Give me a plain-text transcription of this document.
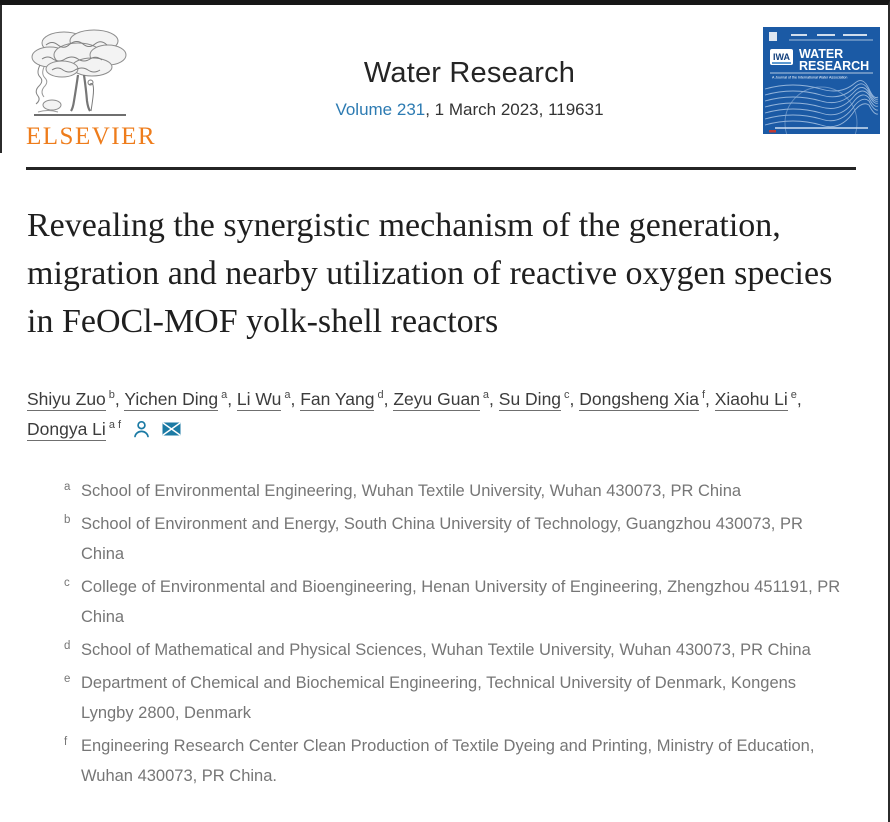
ELSEVIER
Water Research
Volume 231, 1 March 2023, 119631
IWA WATER
RESEARCH
A Journal of the International Water Association
Revealing the synergistic mechanism of the generation, migration and nearby utilization of reactive oxygen species in FeOCl-MOF yolk-shell reactors

Shiyu Zuo $^b$, Yichen Ding $^a$, Li Wu $^a$, Fan Yang $^d$, Zeyu Guan $^a$, Su Ding $^c$, Dongsheng Xia $^f$, Xiaohu Li $^e$, Dongya Li $^{a f}$

a School of Environmental Engineering, Wuhan Textile University, Wuhan 430073, PR China
b School of Environment and Energy, South China University of Technology, Guangzhou 430073, PR China
c College of Environmental and Bioengineering, Henan University of Engineering, Zhengzhou 451191, PR China
d School of Mathematical and Physical Sciences, Wuhan Textile University, Wuhan 430073, PR China
e Department of Chemical and Biochemical Engineering, Technical University of Denmark, Kongens Lyngby 2800, Denmark
f Engineering Research Center Clean Production of Textile Dyeing and Printing, Ministry of Education, Wuhan 430073, PR China.
